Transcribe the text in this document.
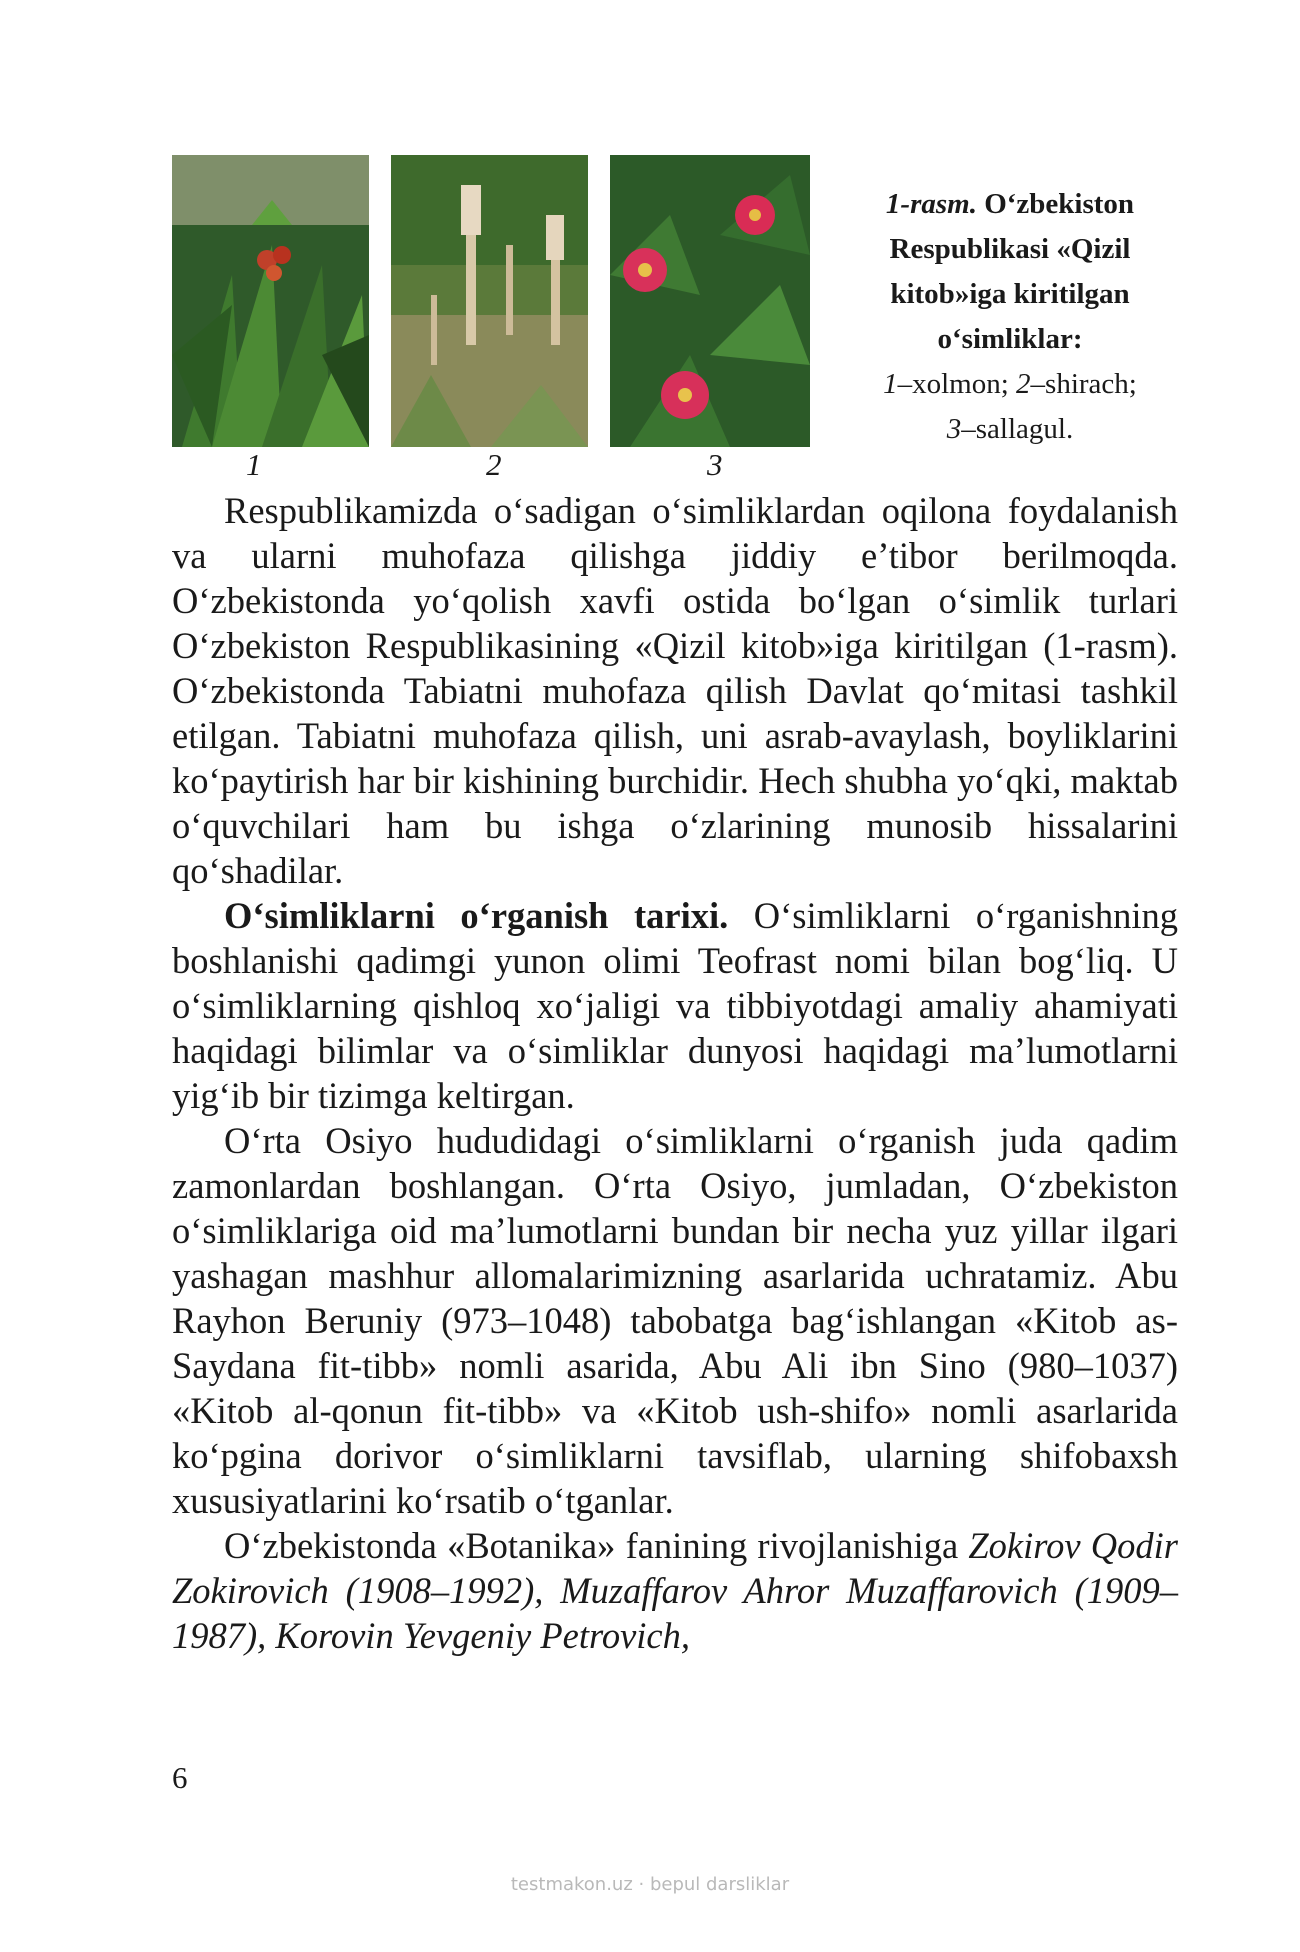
1	2	3
1-rasm. O‘zbekiston
Respublikasi «Qizil
kitob»iga kiritilgan
o‘simliklar:
1–xolmon; 2–shirach;
3–sallagul.

Respublikamizda o‘sadigan o‘simliklardan oqilona foydalanish va ularni muhofaza qilishga jiddiy e’tibor berilmoqda. O‘zbekistonda yo‘qolish xavfi ostida bo‘lgan o‘simlik turlari O‘zbekiston Respublikasining «Qizil kitob»iga kiritilgan (1-rasm). O‘zbekistonda Tabiatni muhofaza qilish Davlat qo‘mitasi tashkil etilgan. Tabiatni muhofaza qilish, uni asrab-avaylash, boyliklarini ko‘paytirish har bir kishining burchidir. Hech shubha yo‘qki, maktab o‘quvchilari ham bu ishga o‘zlarining munosib hissalarini qo‘shadilar.

O‘simliklarni o‘rganish tarixi. O‘simliklarni o‘rganishning boshlanishi qadimgi yunon olimi Teofrast nomi bilan bog‘liq. U o‘simliklarning qishloq xo‘jaligi va tibbiyotdagi amaliy ahamiyati haqidagi bilimlar va o‘simliklar dunyosi haqidagi ma’lumotlarni yig‘ib bir tizimga keltirgan.

O‘rta Osiyo hududidagi o‘simliklarni o‘rganish juda qadim zamonlardan boshlangan. O‘rta Osiyo, jumladan, O‘zbekiston o‘simliklariga oid ma’lumotlarni bundan bir necha yuz yillar ilgari yashagan mashhur allomalarimizning asarlarida uchratamiz. Abu Rayhon Beruniy (973–1048) tabobatga bag‘ishlangan «Kitob as-Saydana fit-tibb» nomli asarida, Abu Ali ibn Sino (980–1037) «Kitob al-qonun fit-tibb» va «Kitob ush-shifo» nomli asarlarida ko‘pgina dorivor o‘simliklarni tavsiflab, ularning shifobaxsh xususiyatlarini ko‘rsatib o‘tganlar.

O‘zbekistonda «Botanika» fanining rivojlanishiga Zokirov Qodir Zokirovich (1908–1992), Muzaffarov Ahror Muzaffarovich (1909–1987), Korovin Yevgeniy Petrovich,

6
testmakon.uz · bepul darsliklar
